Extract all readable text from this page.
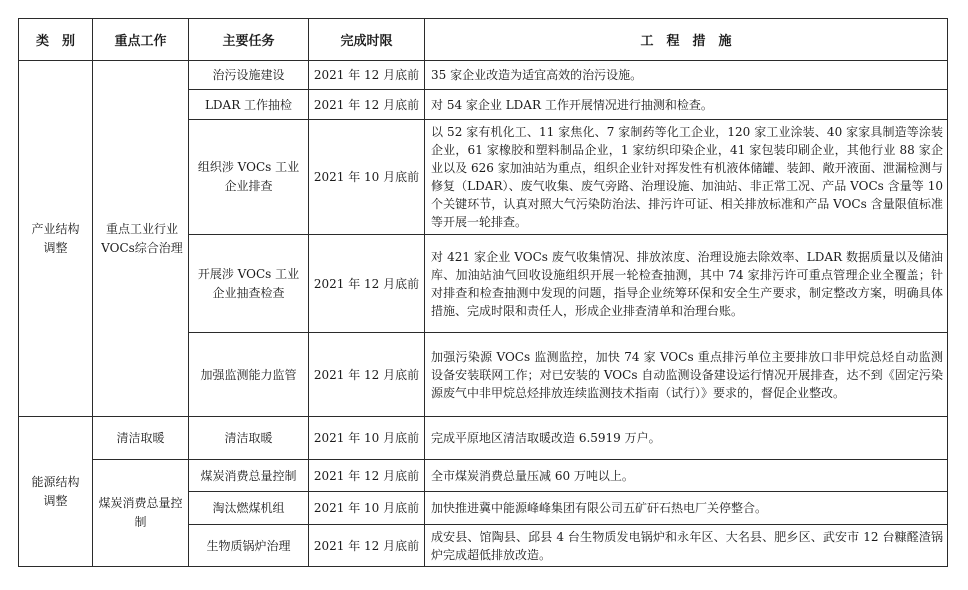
类　别	重点工作	主要任务	完成时限	工　程　措　施
产业结构调整	重点工业行业VOCs综合治理	治污设施建设	2021 年 12 月底前	35 家企业改造为适宜高效的治污设施。
		LDAR 工作抽检	2021 年 12 月底前	对 54 家企业 LDAR 工作开展情况进行抽测和检查。
		组织涉 VOCs 工业企业排查	2021 年 10 月底前	以 52 家有机化工、11 家焦化、7 家制药等化工企业，120 家工业涂装、40 家家具制造等涂装企业，61 家橡胶和塑料制品企业，1 家纺织印染企业，41 家包装印刷企业，其他行业 88 家企业以及 626 家加油站为重点，组织企业针对挥发性有机液体储罐、装卸、敞开液面、泄漏检测与修复（LDAR）、废气收集、废气旁路、治理设施、加油站、非正常工况、产品 VOCs 含量等 10 个关键环节，认真对照大气污染防治法、排污许可证、相关排放标准和产品 VOCs 含量限值标准等开展一轮排查。
		开展涉 VOCs 工业企业抽查检查	2021 年 12 月底前	对 421 家企业 VOCs 废气收集情况、排放浓度、治理设施去除效率、LDAR 数据质量以及储油库、加油站油气回收设施组织开展一轮检查抽测，其中 74 家排污许可重点管理企业全覆盖；针对排查和检查抽测中发现的问题，指导企业统筹环保和安全生产要求，制定整改方案，明确具体措施、完成时限和责任人，形成企业排查清单和治理台账。
		加强监测能力监管	2021 年 12 月底前	加强污染源 VOCs 监测监控，加快 74 家 VOCs 重点排污单位主要排放口非甲烷总烃自动监测设备安装联网工作；对已安装的 VOCs 自动监测设备建设运行情况开展排查，达不到《固定污染源废气中非甲烷总烃排放连续监测技术指南（试行）》要求的，督促企业整改。
能源结构调整	清洁取暖	清洁取暖	2021 年 10 月底前	完成平原地区清洁取暖改造 6.5919 万户。
	煤炭消费总量控制	煤炭消费总量控制	2021 年 12 月底前	全市煤炭消费总量压减 60 万吨以上。
		淘汰燃煤机组	2021 年 10 月底前	加快推进冀中能源峰峰集团有限公司五矿矸石热电厂关停整合。
		生物质锅炉治理	2021 年 12 月底前	成安县、馆陶县、邱县 4 台生物质发电锅炉和永年区、大名县、肥乡区、武安市 12 台糠醛渣锅炉完成超低排放改造。
